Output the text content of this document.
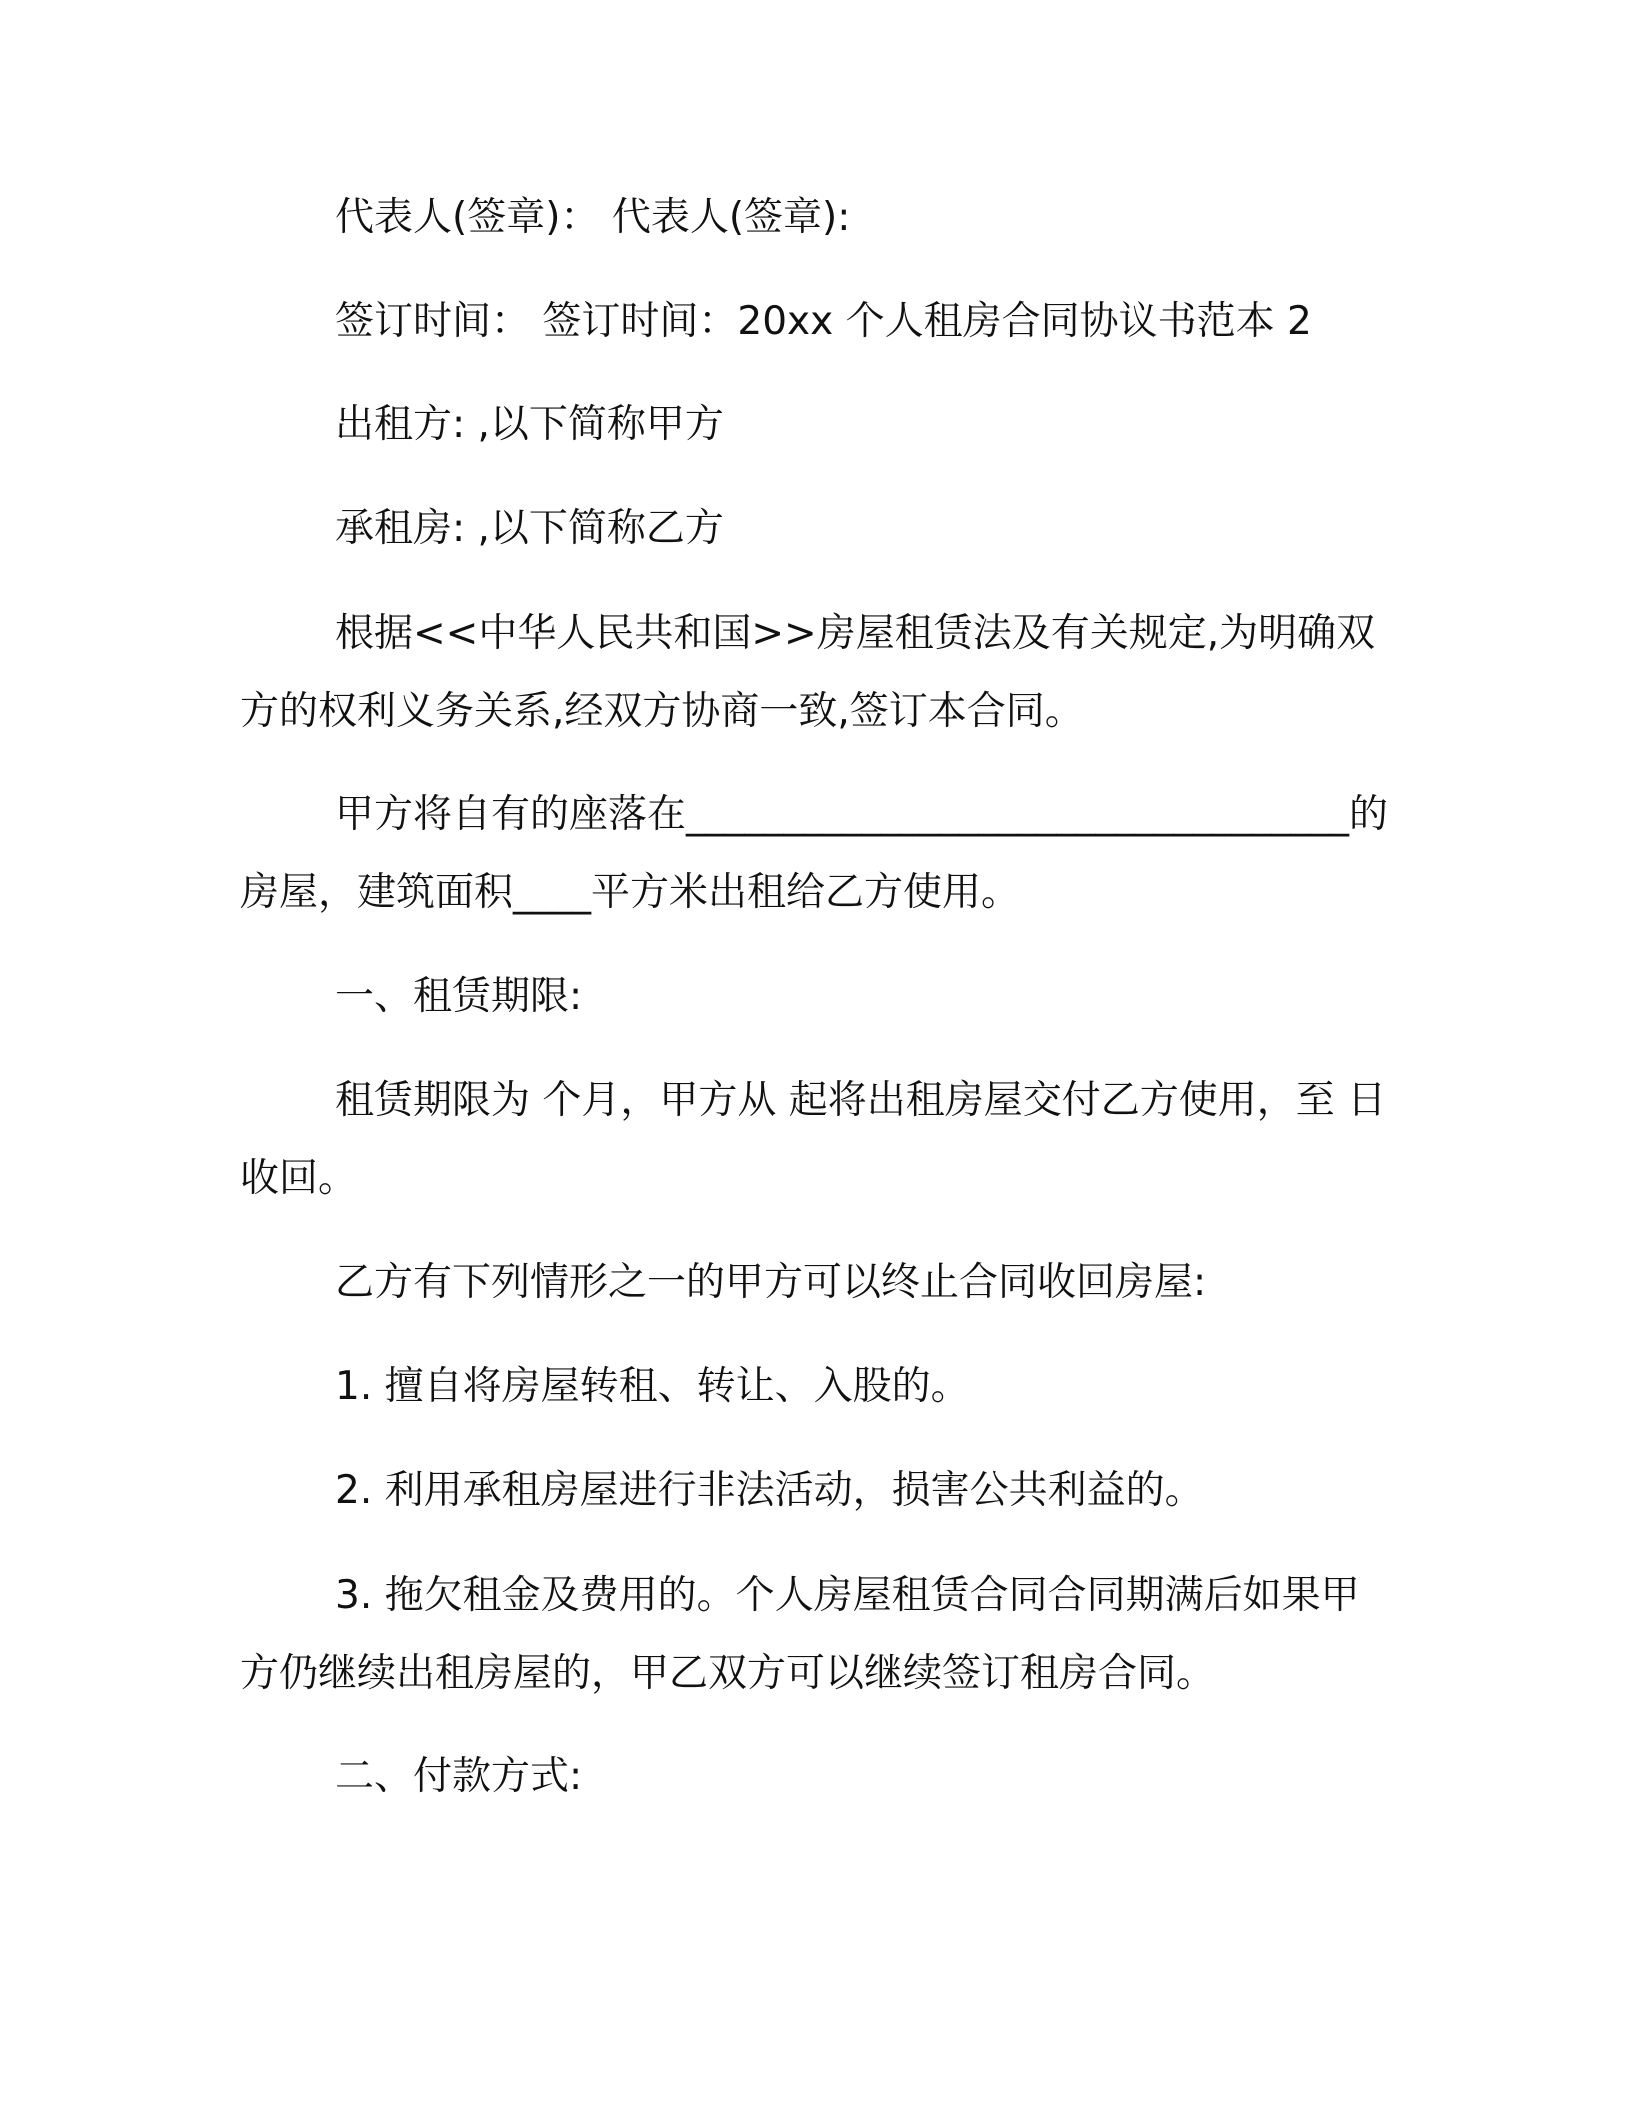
代表人(签章)： 代表人(签章):

签订时间： 签订时间：20xx 个人租房合同协议书范本 2

出租方: ,以下简称甲方

承租房: ,以下简称乙方

根据<<中华人民共和国>>房屋租赁法及有关规定,为明确双方的权利义务关系,经双方协商一致,签订本合同。

甲方将自有的座落在__________________________________的房屋，建筑面积____平方米出租给乙方使用。

一、租赁期限:

租赁期限为 个月，甲方从 起将出租房屋交付乙方使用，至 日收回。

乙方有下列情形之一的甲方可以终止合同收回房屋:

1. 擅自将房屋转租、转让、入股的。

2. 利用承租房屋进行非法活动，损害公共利益的。

3. 拖欠租金及费用的。个人房屋租赁合同合同期满后如果甲方仍继续出租房屋的，甲乙双方可以继续签订租房合同。

二、付款方式:
